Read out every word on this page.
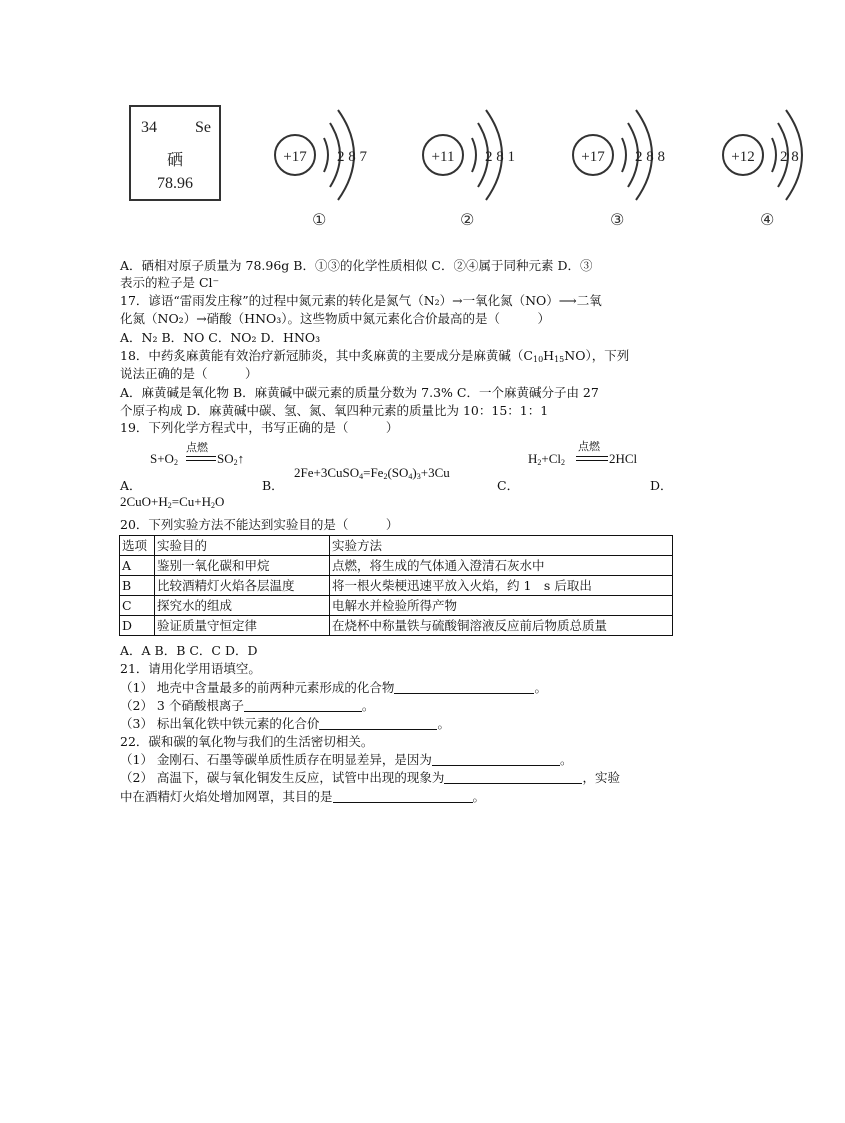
34 Se
硒
78.96
+17 2 8 7
①
+11 2 8 1
②
+17 2 8 8
③
+12 2 8
④
A．硒相对原子质量为 78.96g B．①③的化学性质相似 C．②④属于同种元素 D．③
表示的粒子是 Cl⁻
17．谚语“雷雨发庄稼”的过程中氮元素的转化是氮气（N₂）→一氧化氮（NO）⟶二氧
化氮（NO₂）→硝酸（HNO₃）。这些物质中氮元素化合价最高的是（　　　）
A．N₂ B．NO C．NO₂ D．HNO₃
18．中药炙麻黄能有效治疗新冠肺炎，其中炙麻黄的主要成分是麻黄碱$(C_{10}H_{15}NO)$，下列
说法正确的是（　　　）
A．麻黄碱是氧化物 B．麻黄碱中碳元素的质量分数为 7.3% C．一个麻黄碱分子由 27
个原子构成 D．麻黄碱中碳、氢、氮、氧四种元素的质量比为 10：15：1：1
19．下列化学方程式中，书写正确的是（　　　）
点燃
$S+O_2$	$SO_2↑$
$2Fe+3CuSO_4=Fe_2(SO_4)_3+3Cu$
点燃
$H_2+Cl_2$	2HCl
A．	B．	C．	D．
$2CuO+H_2=Cu+H_2O$
20．下列实验方法不能达到实验目的是（　　　）
选项	实验目的	实验方法
A	鉴别一氧化碳和甲烷	点燃，将生成的气体通入澄清石灰水中
B	比较酒精灯火焰各层温度	将一根火柴梗迅速平放入火焰，约 1　s 后取出
C	探究水的组成	电解水并检验所得产物
D	验证质量守恒定律	在烧杯中称量铁与硫酸铜溶液反应前后物质总质量
A．A B．B C．C D．D
21．请用化学用语填空。
（1） 地壳中含量最多的前两种元素形成的化合物	。
（2） 3 个硝酸根离子	。
（3） 标出氧化铁中铁元素的化合价	。
22．碳和碳的氧化物与我们的生活密切相关。
（1） 金刚石、石墨等碳单质性质存在明显差异，是因为	。
（2） 高温下，碳与氧化铜发生反应，试管中出现的现象为	，实验
中在酒精灯火焰处增加网罩，其目的是	。
